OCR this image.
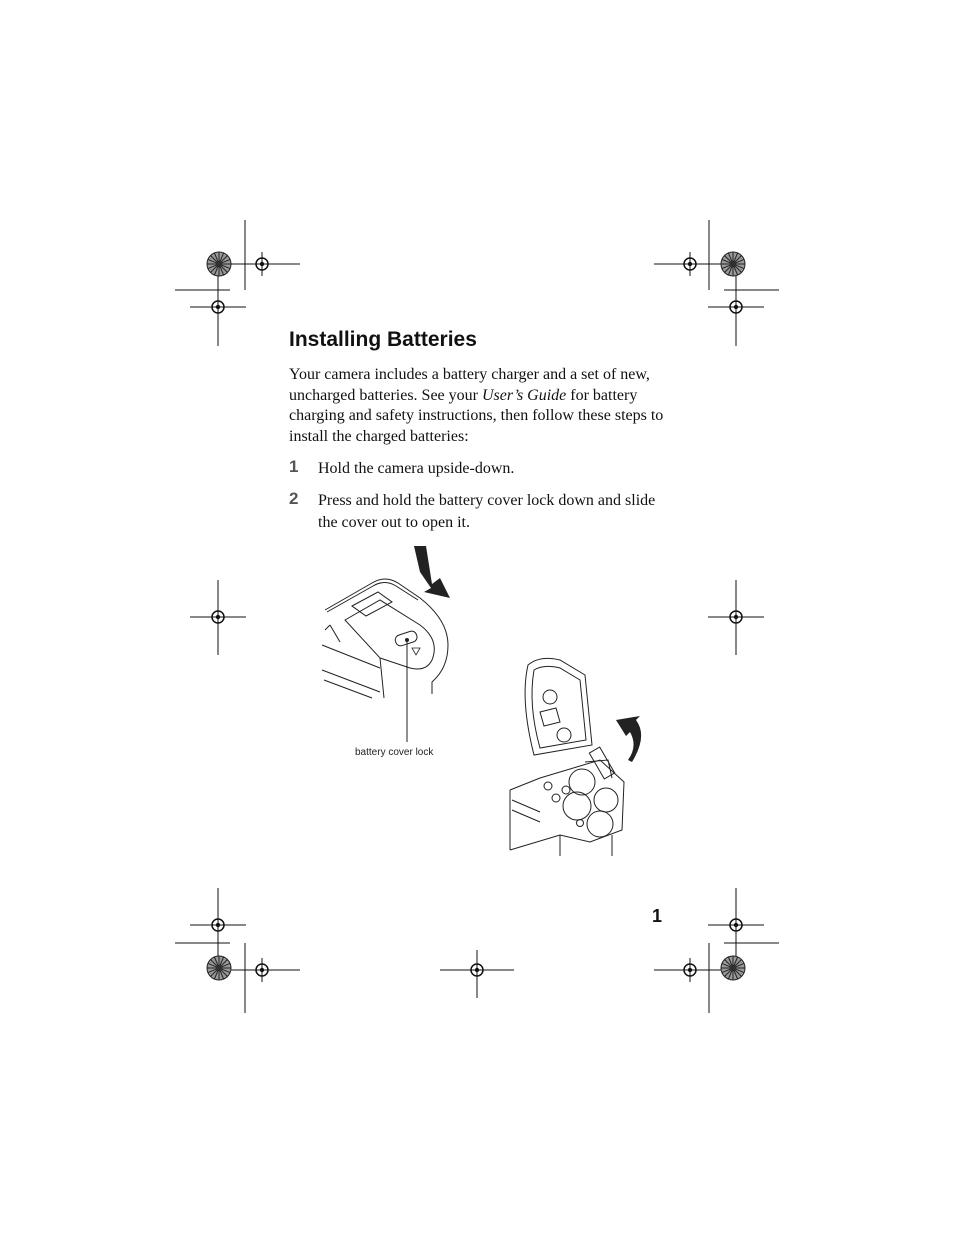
Installing Batteries

Your camera includes a battery charger and a set of new, uncharged batteries. See your User’s Guide for battery charging and safety instructions, then follow these steps to install the charged batteries:

1 Hold the camera upside-down.
2 Press and hold the battery cover lock down and slide the cover out to open it.

battery cover lock

1
